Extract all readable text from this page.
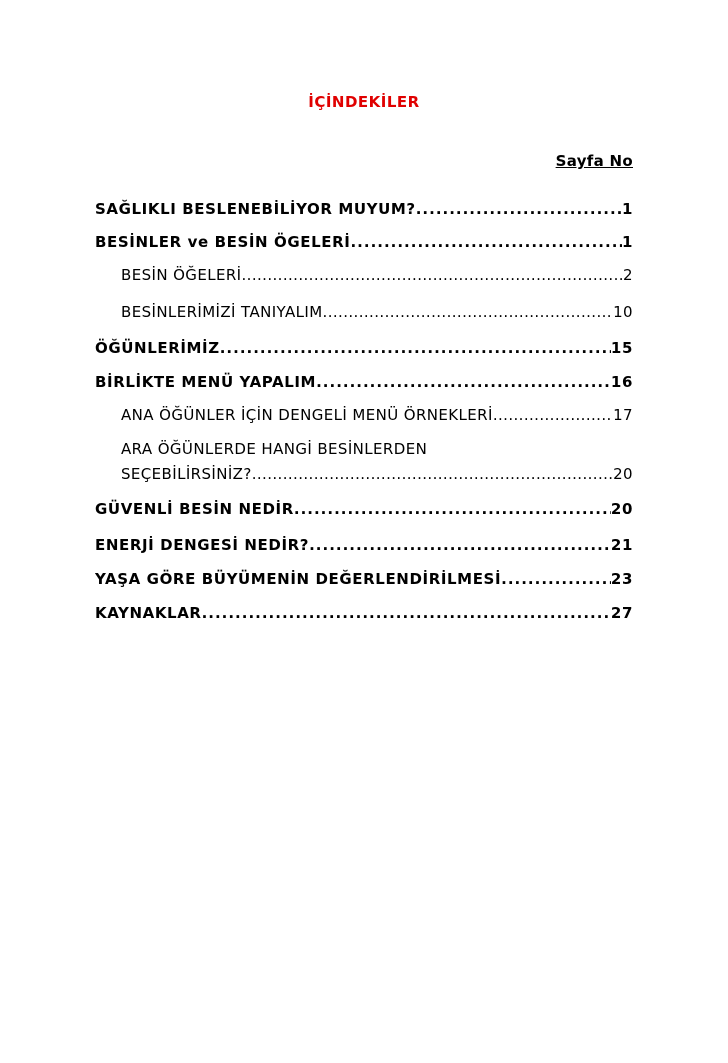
İÇİNDEKİLER
Sayfa No
SAĞLIKLI BESLENEBİLİYOR MUYUM? .....	1
BESİNLER ve BESİN ÖGELERİ .....	1
BESİN ÖĞELERİ .....	2
BESİNLERİMİZİ TANIYALIM .....	10
ÖĞÜNLERİMİZ .....	15
BİRLİKTE MENÜ YAPALIM .....	16
ANA ÖĞÜNLER İÇİN DENGELİ MENÜ ÖRNEKLERİ .....	17
ARA ÖĞÜNLERDE HANGİ BESİNLERDEN
SEÇEBİLİRSİNİZ? .....	20
GÜVENLİ BESİN NEDİR .....	20
ENERJİ DENGESİ NEDİR? .....	21
YAŞA GÖRE BÜYÜMENİN DEĞERLENDİRİLMESİ .....	23
KAYNAKLAR .....	27
